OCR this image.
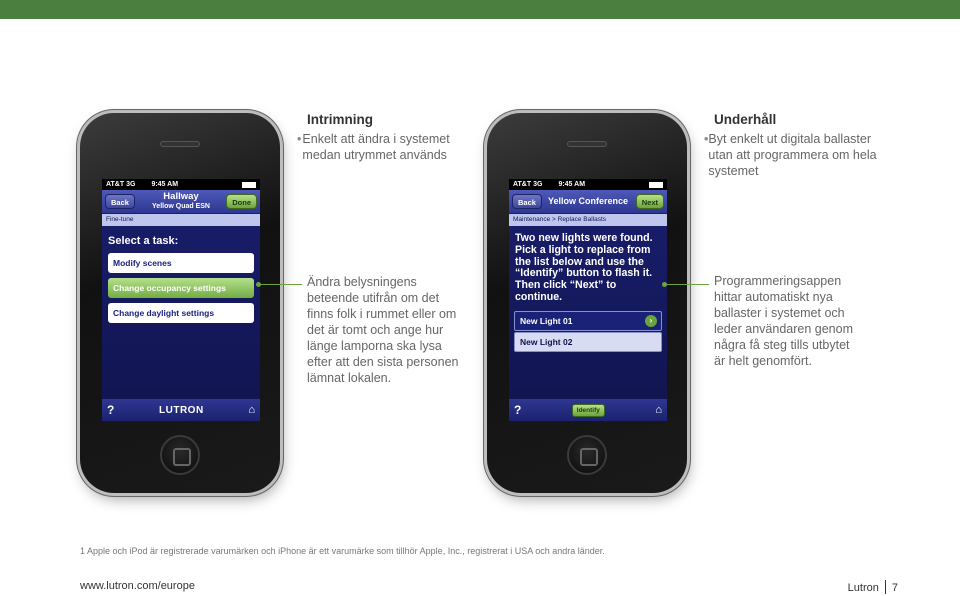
AT&T 3G 9:45 AM
Back
Hallway
Yellow Quad ESN	Done
Fine-tune
Select a task:
Modify scenes
Change occupancy settings
Change daylight settings
?	LUTRON	⌂
Intrimning
• Enkelt att ändra i systemet medan utrymmet används
Ändra belysningens beteende utifrån om det finns folk i rummet eller om det är tomt och ange hur länge lamporna ska lysa efter att den sista personen lämnat lokalen.
AT&T 3G 9:45 AM
Back	Yellow Conference	Next
Maintenance > Replace Ballasts
Two new lights were found. Pick a light to replace from the list below and use the “Identify” button to flash it. Then click “Next” to continue.
New Light 01	›
New Light 02
?	Identify	⌂
Underhåll
• Byt enkelt ut digitala ballaster utan att programmera om hela systemet
Programmeringsappen hittar automatiskt nya ballaster i systemet och leder användaren genom några få steg tills utbytet är helt genomfört.
1 Apple och iPod är registrerade varumärken och iPhone är ett varumärke som tillhör Apple, Inc., registrerat i USA och andra länder.
www.lutron.com/europe	Lutron 7
